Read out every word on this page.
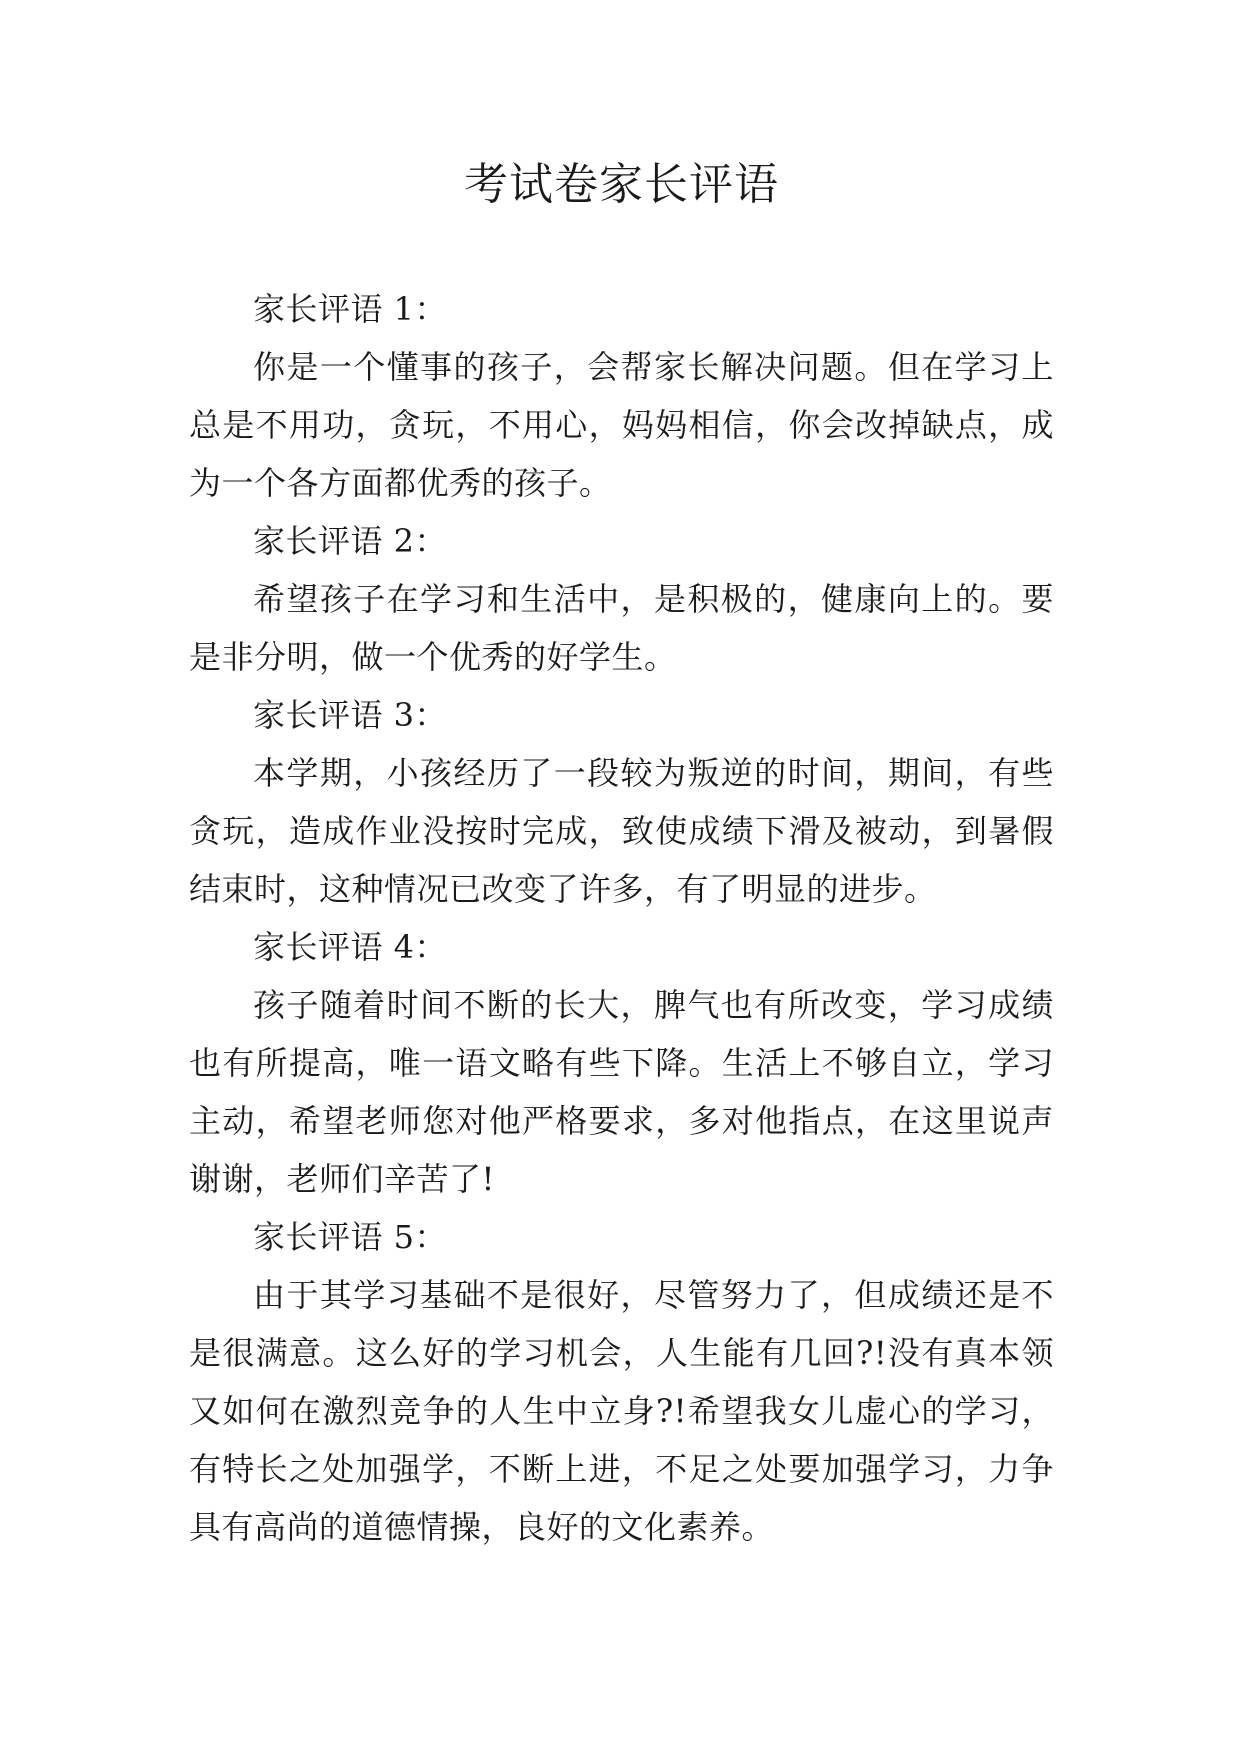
考试卷家长评语

家长评语 1：

你是一个懂事的孩子，会帮家长解决问题。但在学习上总是不用功，贪玩，不用心，妈妈相信，你会改掉缺点，成为一个各方面都优秀的孩子。

家长评语 2：

希望孩子在学习和生活中，是积极的，健康向上的。要是非分明，做一个优秀的好学生。

家长评语 3：

本学期，小孩经历了一段较为叛逆的时间，期间，有些贪玩，造成作业没按时完成，致使成绩下滑及被动，到暑假结束时，这种情况已改变了许多，有了明显的进步。

家长评语 4：

孩子随着时间不断的长大，脾气也有所改变，学习成绩也有所提高，唯一语文略有些下降。生活上不够自立，学习主动，希望老师您对他严格要求，多对他指点，在这里说声谢谢，老师们辛苦了!

家长评语 5：

由于其学习基础不是很好，尽管努力了，但成绩还是不是很满意。这么好的学习机会，人生能有几回?!没有真本领又如何在激烈竞争的人生中立身?!希望我女儿虚心的学习，有特长之处加强学，不断上进，不足之处要加强学习，力争具有高尚的道德情操，良好的文化素养。
